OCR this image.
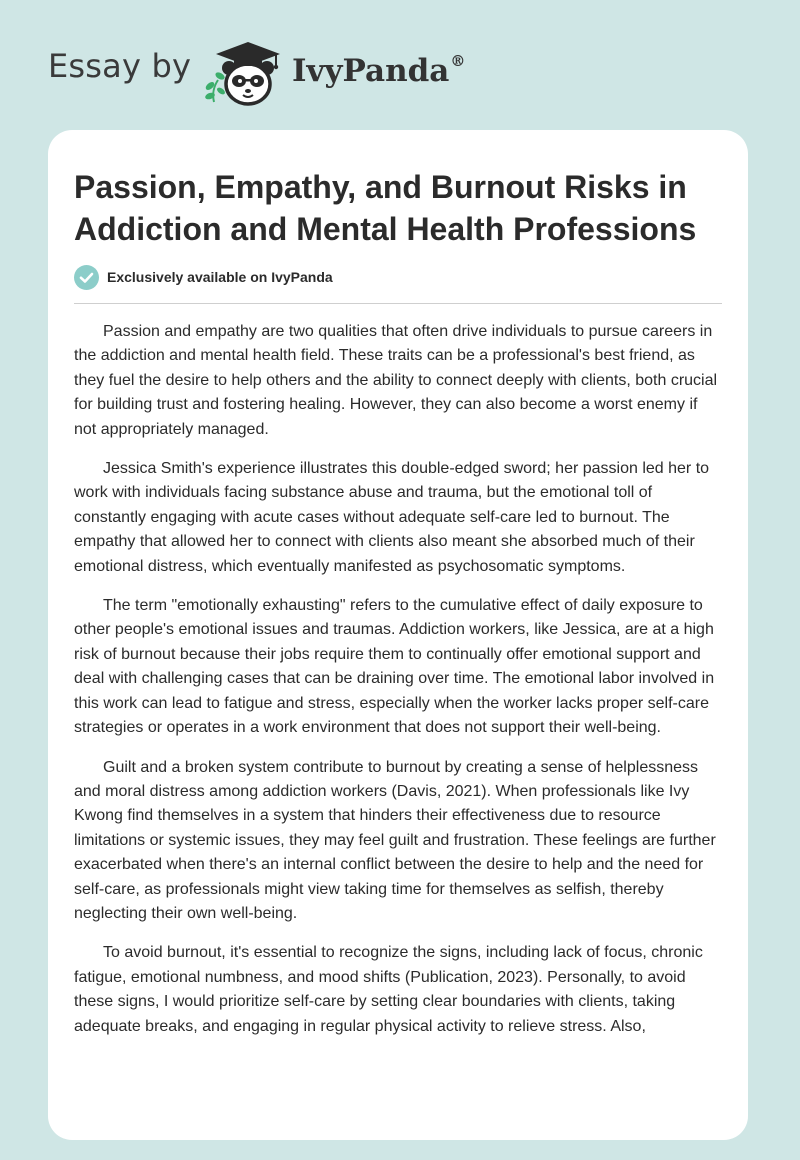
Essay by	IvyPanda®
Passion, Empathy, and Burnout Risks in Addiction and Mental Health Professions
Exclusively available on IvyPanda

Passion and empathy are two qualities that often drive individuals to pursue careers in the addiction and mental health field. These traits can be a professional's best friend, as they fuel the desire to help others and the ability to connect deeply with clients, both crucial for building trust and fostering healing. However, they can also become a worst enemy if not appropriately managed.

Jessica Smith's experience illustrates this double-edged sword; her passion led her to work with individuals facing substance abuse and trauma, but the emotional toll of constantly engaging with acute cases without adequate self-care led to burnout. The empathy that allowed her to connect with clients also meant she absorbed much of their emotional distress, which eventually manifested as psychosomatic symptoms.

The term "emotionally exhausting" refers to the cumulative effect of daily exposure to other people's emotional issues and traumas. Addiction workers, like Jessica, are at a high risk of burnout because their jobs require them to continually offer emotional support and deal with challenging cases that can be draining over time. The emotional labor involved in this work can lead to fatigue and stress, especially when the worker lacks proper self-care strategies or operates in a work environment that does not support their well-being.

Guilt and a broken system contribute to burnout by creating a sense of helplessness and moral distress among addiction workers (Davis, 2021). When professionals like Ivy Kwong find themselves in a system that hinders their effectiveness due to resource limitations or systemic issues, they may feel guilt and frustration. These feelings are further exacerbated when there's an internal conflict between the desire to help and the need for self-care, as professionals might view taking time for themselves as selfish, thereby neglecting their own well-being.

To avoid burnout, it's essential to recognize the signs, including lack of focus, chronic fatigue, emotional numbness, and mood shifts (Publication, 2023). Personally, to avoid these signs, I would prioritize self-care by setting clear boundaries with clients, taking adequate breaks, and engaging in regular physical activity to relieve stress. Also,
